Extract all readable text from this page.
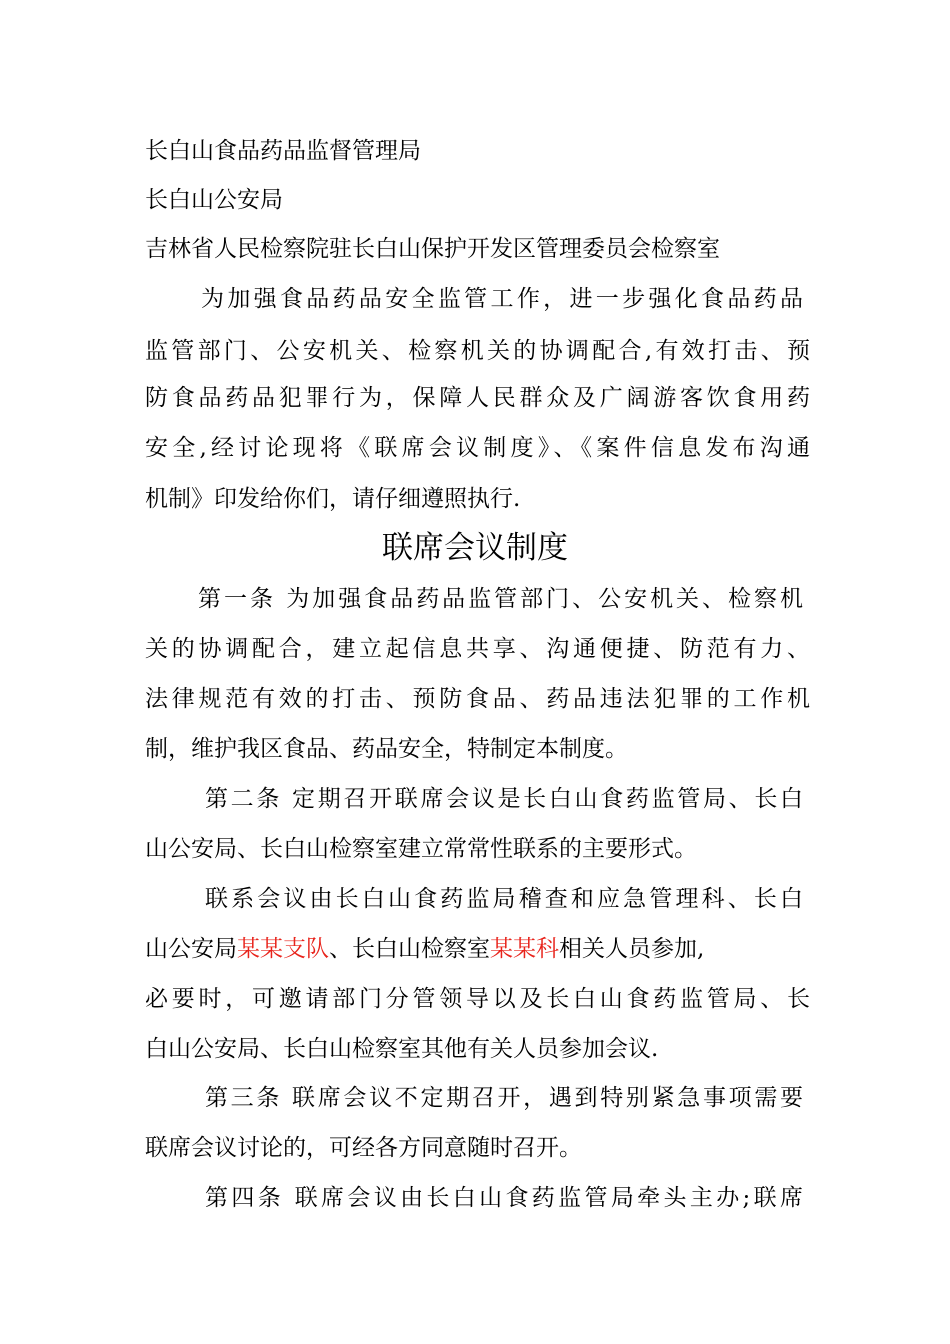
长白山食品药品监督管理局
长白山公安局
吉林省人民检察院驻长白山保护开发区管理委员会检察室
为加强食品药品安全监管工作，进一步强化食品药品
监管部门、公安机关、检察机关的协调配合,有效打击、预
防食品药品犯罪行为，保障人民群众及广阔游客饮食用药
安全,经讨论现将《联席会议制度》、《案件信息发布沟通
机制》印发给你们，请仔细遵照执行.
联席会议制度
第一条 为加强食品药品监管部门、公安机关、检察机
关的协调配合，建立起信息共享、沟通便捷、防范有力、
法律规范有效的打击、预防食品、药品违法犯罪的工作机
制，维护我区食品、药品安全，特制定本制度。
第二条 定期召开联席会议是长白山食药监管局、长白
山公安局、长白山检察室建立常常性联系的主要形式。
联系会议由长白山食药监局稽查和应急管理科、长白
山公安局某某支队、长白山检察室某某科相关人员参加,
必要时，可邀请部门分管领导以及长白山食药监管局、长
白山公安局、长白山检察室其他有关人员参加会议.
第三条 联席会议不定期召开，遇到特别紧急事项需要
联席会议讨论的，可经各方同意随时召开。
第四条 联席会议由长白山食药监管局牵头主办;联席
